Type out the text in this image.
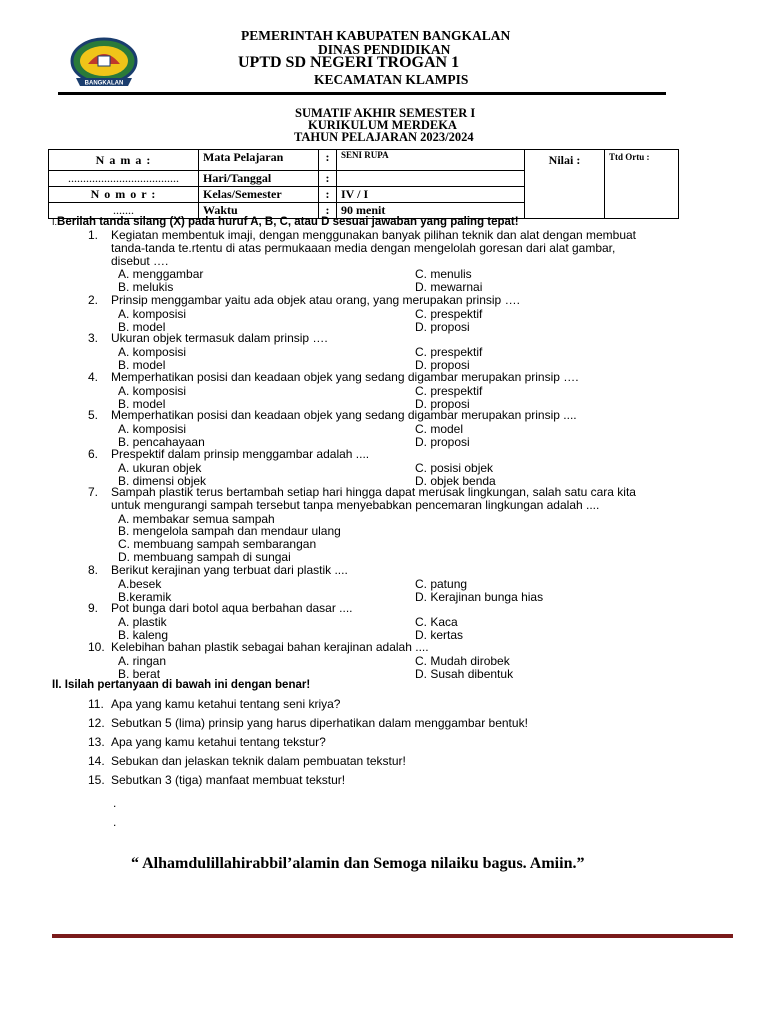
BANGKALAN
PEMERINTAH KABUPATEN BANGKALAN
DINAS PENDIDIKAN
UPTD SD NEGERI TROGAN 1
KECAMATAN KLAMPIS
SUMATIF AKHIR SEMESTER I
KURIKULUM MERDEKA
TAHUN PELAJARAN 2023/2024
N a m a :	Mata Pelajaran	:	SENI RUPA	Nilai :	Ttd Ortu :
.....................................	Hari/Tanggal	:			
N o m o r :	Kelas/Semester	:	IV / I		
.......	Waktu	:	90 menit		
I.Berilah tanda silang (X) pada huruf A, B, C, atau D sesuai jawaban yang paling tepat!
1. Kegiatan membentuk imaji, dengan menggunakan banyak pilihan teknik dan alat dengan membuat
tanda-tanda te.rtentu di atas permukaaan media dengan mengelolah goresan dari alat gambar,
disebut ….
A. menggambar	C. menulis
B. melukis	D. mewarnai
2. Prinsip menggambar yaitu ada objek atau orang, yang merupakan prinsip ….
A. komposisi	C. prespektif
B. model	D. proposi
3. Ukuran objek termasuk dalam prinsip ….
A. komposisi	C. prespektif
B. model	D. proposi
4. Memperhatikan posisi dan keadaan objek yang sedang digambar merupakan prinsip ….
A. komposisi	C. prespektif
B. model	D. proposi
5. Memperhatikan posisi dan keadaan objek yang sedang digambar merupakan prinsip ....
A. komposisi	C. model
B. pencahayaan	D. proposi
6. Prespektif dalam prinsip menggambar adalah ....
A. ukuran objek	C. posisi objek
B. dimensi objek	D. objek benda
7. Sampah plastik terus bertambah setiap hari hingga dapat merusak lingkungan, salah satu cara kita
untuk mengurangi sampah tersebut tanpa menyebabkan pencemaran lingkungan adalah ....
A. membakar semua sampah
B. mengelola sampah dan mendaur ulang
C. membuang sampah sembarangan
D. membuang sampah di sungai
8. Berikut kerajinan yang terbuat dari plastik ....
A.besek	C. patung
B.keramik	D. Kerajinan bunga hias
9. Pot bunga dari botol aqua berbahan dasar ....
A. plastik	C. Kaca
B. kaleng	D. kertas
10. Kelebihan bahan plastik sebagai bahan kerajinan adalah ....
A. ringan	C. Mudah dirobek
B. berat	D. Susah dibentuk
II. Isilah pertanyaan di bawah ini dengan benar!
11. Apa yang kamu ketahui tentang seni kriya?
12. Sebutkan 5 (lima) prinsip yang harus diperhatikan dalam menggambar bentuk!
13. Apa yang kamu ketahui tentang tekstur?
14. Sebukan dan jelaskan teknik dalam pembuatan tekstur!
15. Sebutkan 3 (tiga) manfaat membuat tekstur!
.
.
“ Alhamdulillahirabbil’alamin dan Semoga nilaiku bagus. Amiin.”
